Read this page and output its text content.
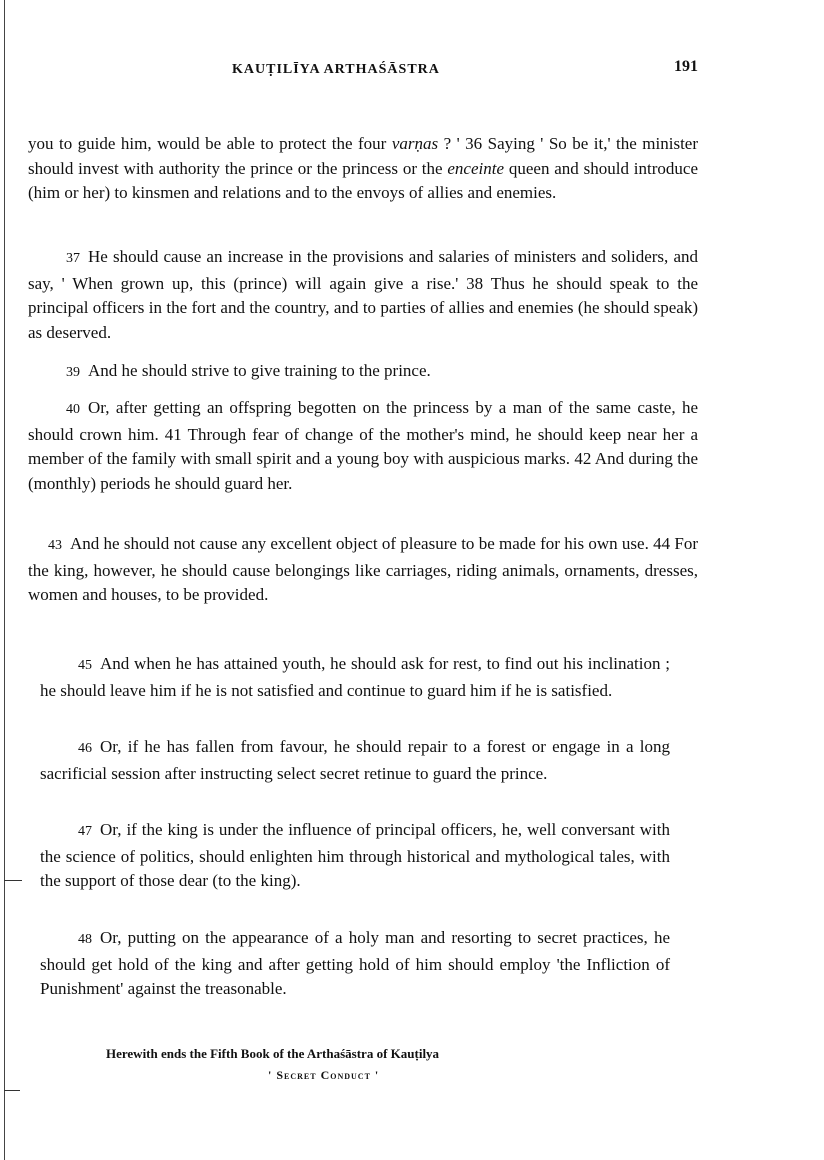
KAUṬILĪYA ARTHAŚĀSTRA	191

you to guide him, would be able to protect the four varṇas ? ' 36 Saying ' So be it,' the minister should invest with authority the prince or the princess or the enceinte queen and should introduce (him or her) to kinsmen and relations and to the envoys of allies and enemies.

37 He should cause an increase in the provisions and salaries of ministers and soliders, and say, ' When grown up, this (prince) will again give a rise.' 38 Thus he should speak to the principal officers in the fort and the country, and to parties of allies and enemies (he should speak) as deserved.

39 And he should strive to give training to the prince.

40 Or, after getting an offspring begotten on the princess by a man of the same caste, he should crown him. 41 Through fear of change of the mother's mind, he should keep near her a member of the family with small spirit and a young boy with auspicious marks. 42 And during the (monthly) periods he should guard her.

43 And he should not cause any excellent object of pleasure to be made for his own use. 44 For the king, however, he should cause belongings like carriages, riding animals, ornaments, dresses, women and houses, to be provided.

45 And when he has attained youth, he should ask for rest, to find out his inclination ; he should leave him if he is not satisfied and continue to guard him if he is satisfied.

46 Or, if he has fallen from favour, he should repair to a forest or engage in a long sacrificial session after instructing select secret retinue to guard the prince.

47 Or, if the king is under the influence of principal officers, he, well conversant with the science of politics, should enlighten him through historical and mythological tales, with the support of those dear (to the king).

48 Or, putting on the appearance of a holy man and resorting to secret practices, he should get hold of the king and after getting hold of him should employ 'the Infliction of Punishment' against the treasonable.

Herewith ends the Fifth Book of the Arthaśāstra of Kauṭilya
' Secret Conduct '
